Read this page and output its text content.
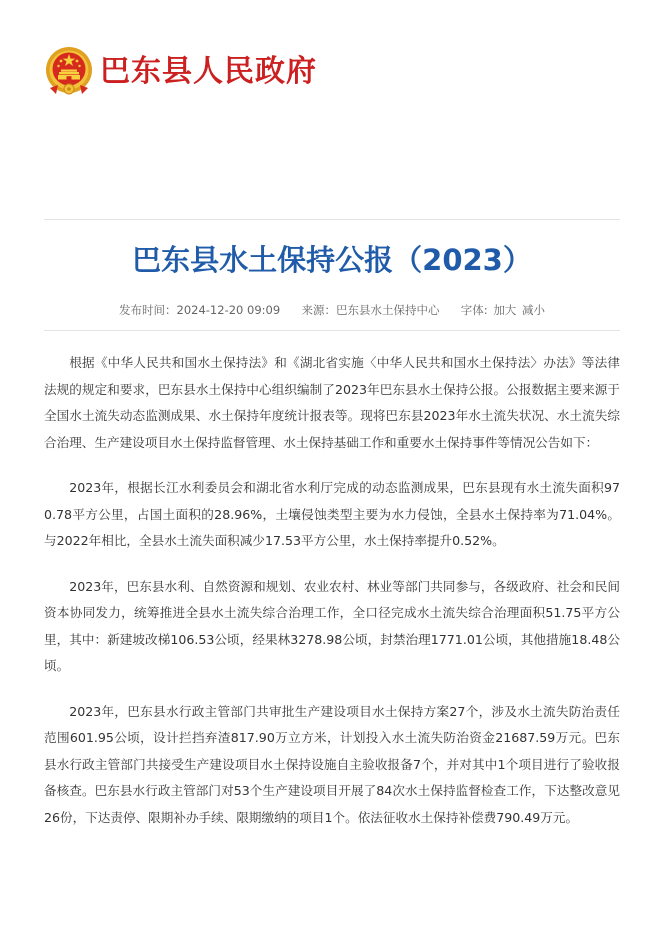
巴东县人民政府
巴东县水土保持公报（2023）
发布时间：2024-12-20 09:09 来源：巴东县水土保持中心 字体: 加大 减小

根据《中华人民共和国水土保持法》和《湖北省实施〈中华人民共和国水土保持法〉办法》等法律法规的规定和要求，巴东县水土保持中心组织编制了2023年巴东县水土保持公报。公报数据主要来源于全国水土流失动态监测成果、水土保持年度统计报表等。现将巴东县2023年水土流失状况、水土流失综合治理、生产建设项目水土保持监督管理、水土保持基础工作和重要水土保持事件等情况公告如下：

2023年，根据长江水利委员会和湖北省水利厅完成的动态监测成果，巴东县现有水土流失面积970.78平方公里，占国土面积的28.96%，土壤侵蚀类型主要为水力侵蚀，全县水土保持率为71.04%。与2022年相比，全县水土流失面积减少17.53平方公里，水土保持率提升0.52%。

2023年，巴东县水利、自然资源和规划、农业农村、林业等部门共同参与，各级政府、社会和民间资本协同发力，统筹推进全县水土流失综合治理工作，全口径完成水土流失综合治理面积51.75平方公里，其中：新建坡改梯106.53公顷，经果林3278.98公顷，封禁治理1771.01公顷，其他措施18.48公顷。

2023年，巴东县水行政主管部门共审批生产建设项目水土保持方案27个，涉及水土流失防治责任范围601.95公顷，设计拦挡弃渣817.90万立方米，计划投入水土流失防治资金21687.59万元。巴东县水行政主管部门共接受生产建设项目水土保持设施自主验收报备7个，并对其中1个项目进行了验收报备核查。巴东县水行政主管部门对53个生产建设项目开展了84次水土保持监督检查工作，下达整改意见26份，下达责停、限期补办手续、限期缴纳的项目1个。依法征收水土保持补偿费790.49万元。
